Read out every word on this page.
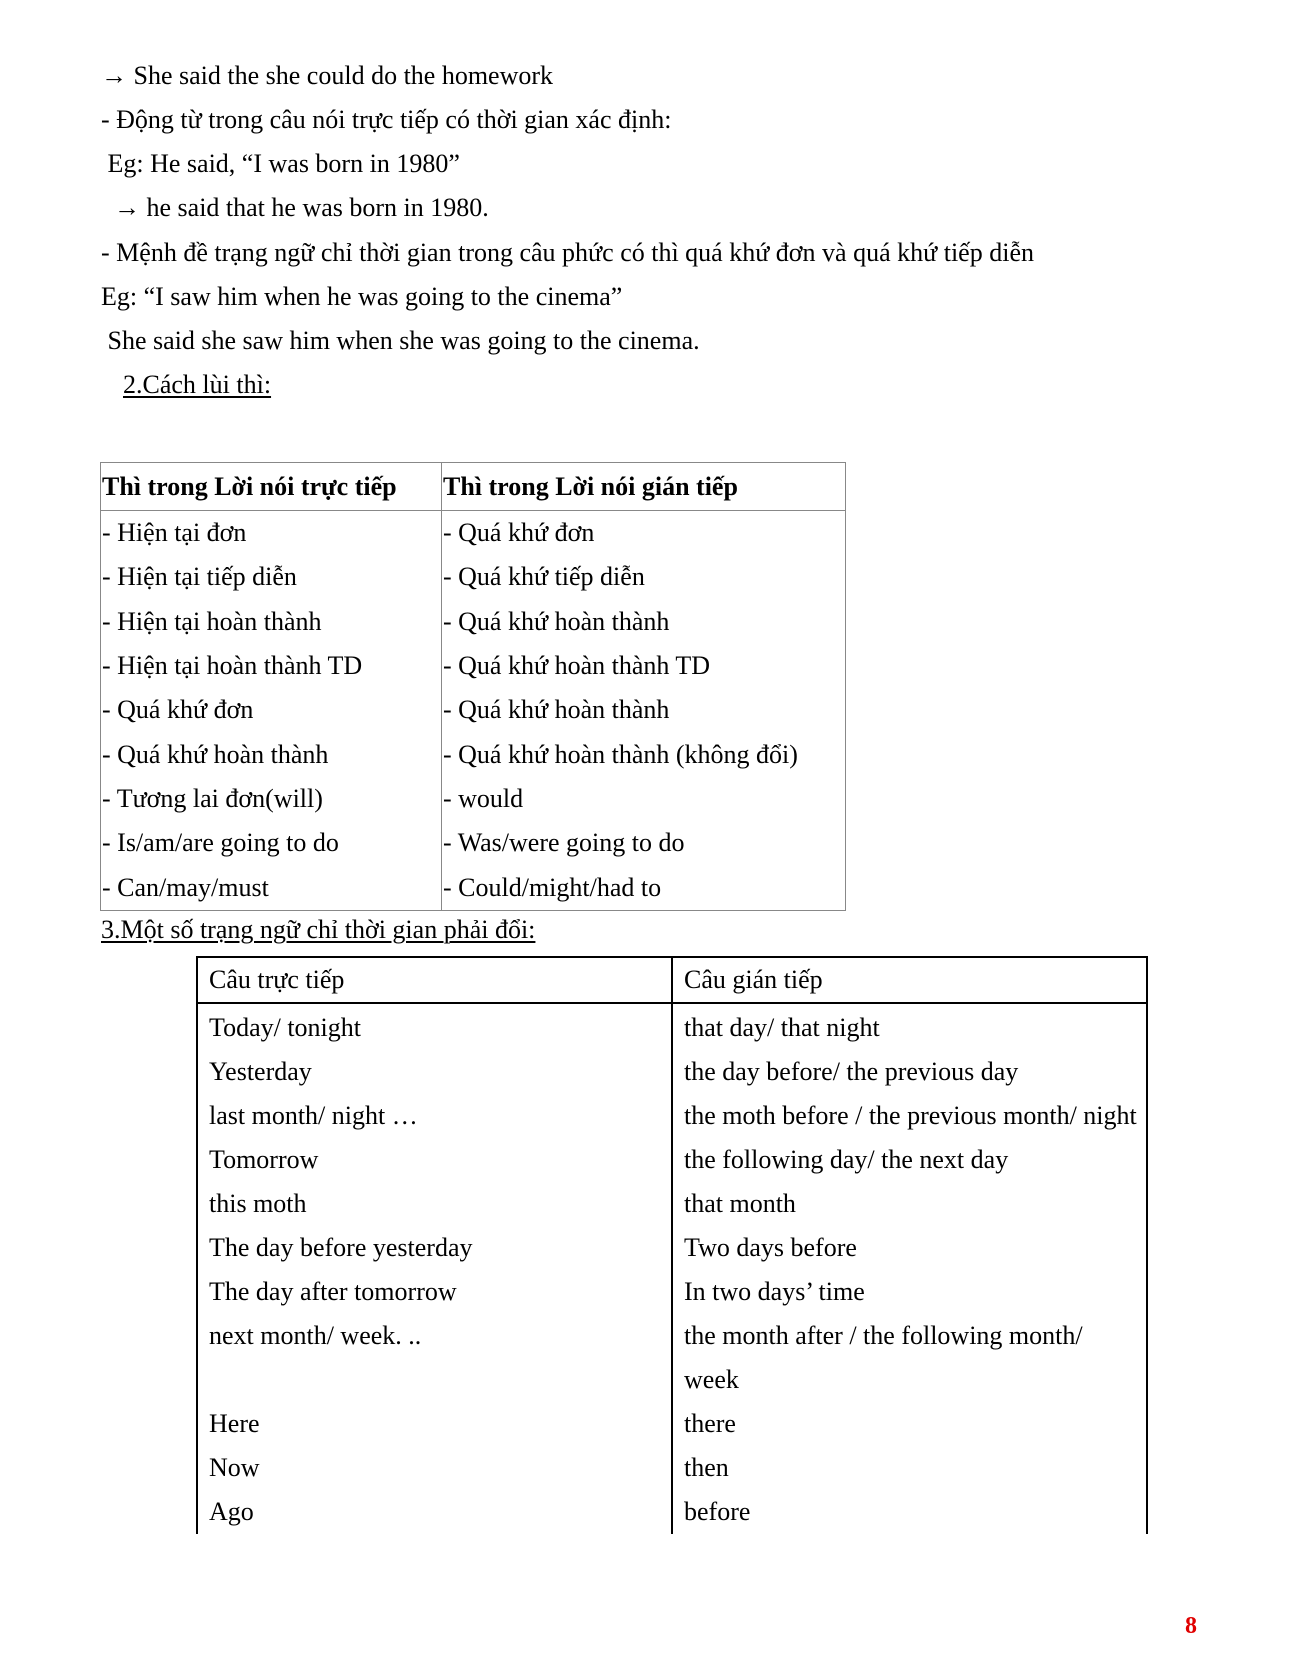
→ She said the she could do the homework
- Động từ trong câu nói trực tiếp có thời gian xác định:
Eg: He said, “I was born in 1980”
→ he said that he was born in 1980.
- Mệnh đề trạng ngữ chỉ thời gian trong câu phức có thì quá khứ đơn và quá khứ tiếp diễn
Eg: “I saw him when he was going to the cinema”
She said she saw him when she was going to the cinema.
2.Cách lùi thì:
Thì trong Lời nói trực tiếp	Thì trong Lời nói gián tiếp
- Hiện tại đơn	- Quá khứ đơn
- Hiện tại tiếp diễn	- Quá khứ tiếp diễn
- Hiện tại hoàn thành	- Quá khứ hoàn thành
- Hiện tại hoàn thành TD	- Quá khứ hoàn thành TD
- Quá khứ đơn	- Quá khứ hoàn thành
- Quá khứ hoàn thành	- Quá khứ hoàn thành (không đổi)
- Tương lai đơn(will)	- would
- Is/am/are going to do	- Was/were going to do
- Can/may/must	- Could/might/had to
3.Một số trạng ngữ chỉ thời gian phải đổi:
Câu trực tiếp	Câu gián tiếp
Today/ tonight	that day/ that night
Yesterday	the day before/ the previous day
last month/ night …	the moth before / the previous month/ night
Tomorrow	the following day/ the next day
this moth	that month
The day before yesterday	Two days before
The day after tomorrow	In two days’ time
next month/ week. ..	the month after / the following month/ week
Here	there
Now	then
Ago	before
8
